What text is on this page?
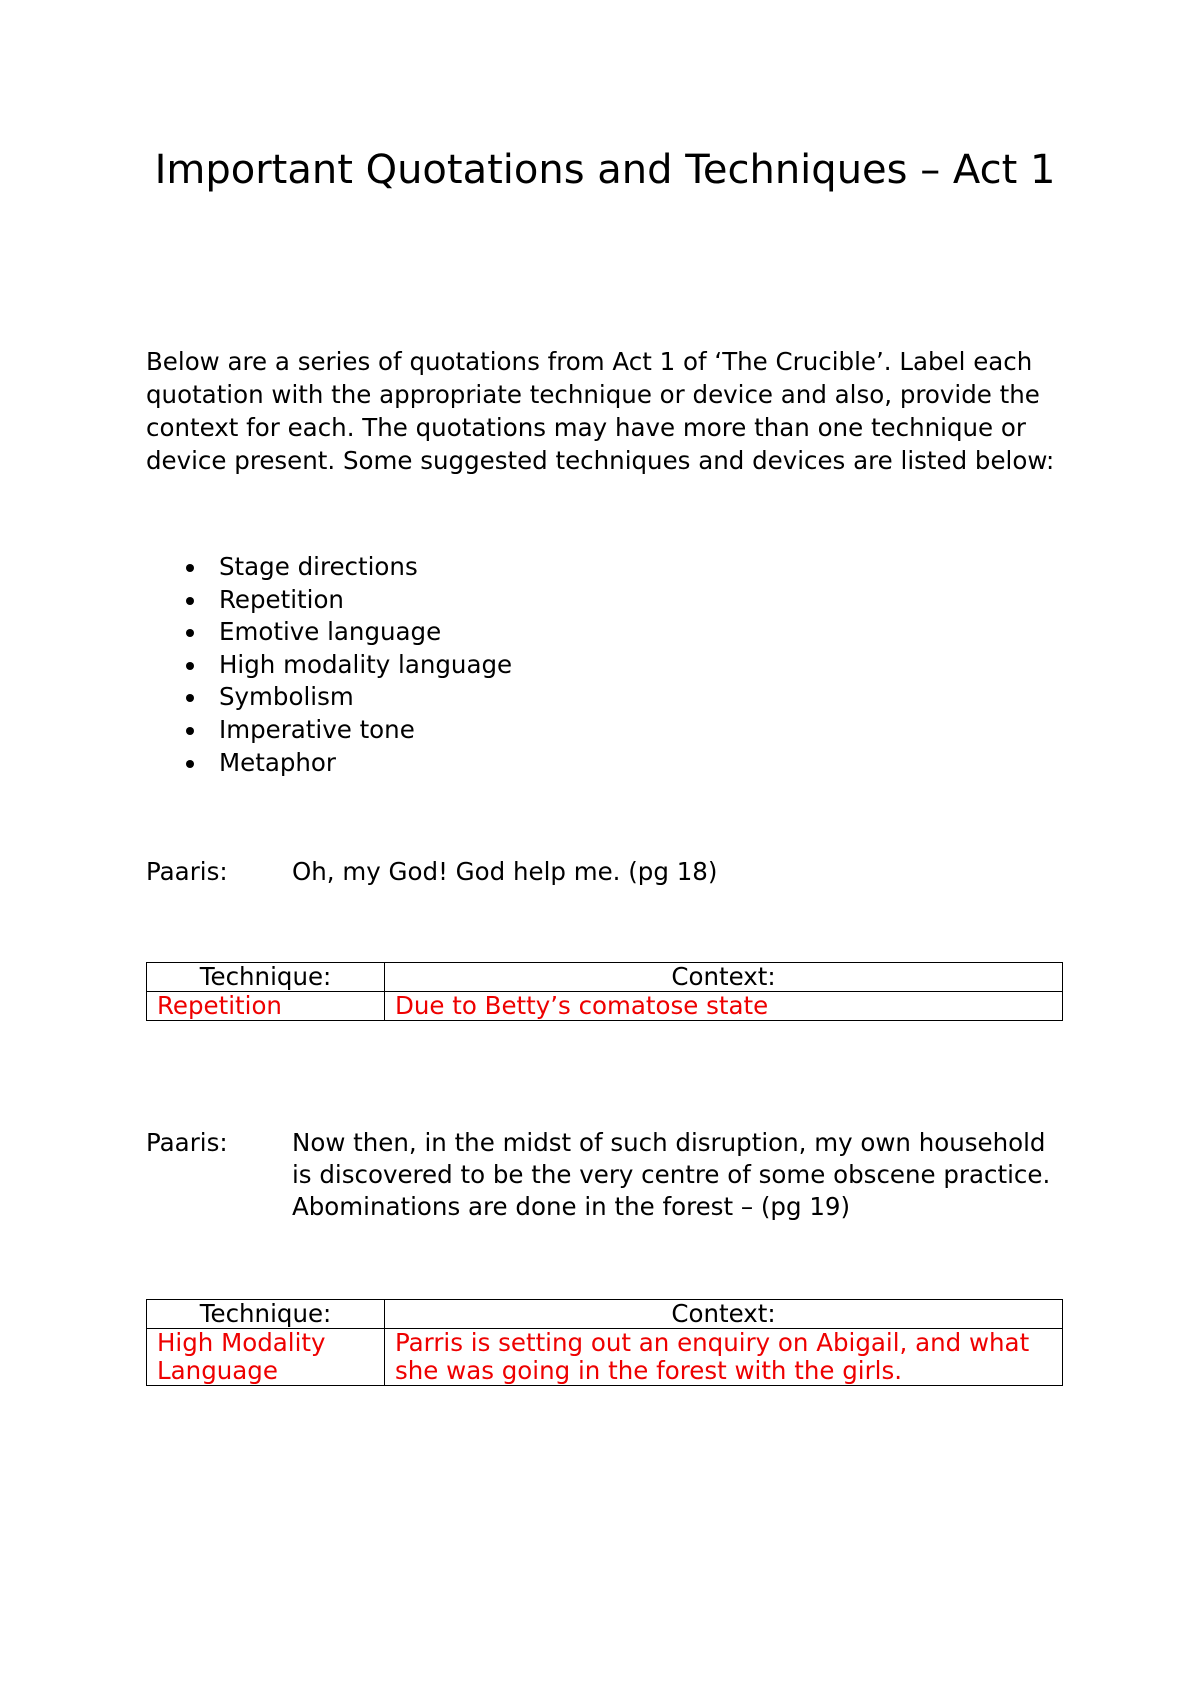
Important Quotations and Techniques – Act 1

Below are a series of quotations from Act 1 of ‘The Crucible’. Label each quotation with the appropriate technique or device and also, provide the context for each. The quotations may have more than one technique or device present. Some suggested techniques and devices are listed below:

Stage directions
Repetition
Emotive language
High modality language
Symbolism
Imperative tone
Metaphor
Paaris:	Oh, my God! God help me. (pg 18)
Technique:	Context:
Repetition	Due to Betty’s comatose state
Paaris:	Now then, in the midst of such disruption, my own household
is discovered to be the very centre of some obscene practice.
Abominations are done in the forest – (pg 19)
Technique:	Context:
High Modality Language	Parris is setting out an enquiry on Abigail, and what she was going in the forest with the girls.
